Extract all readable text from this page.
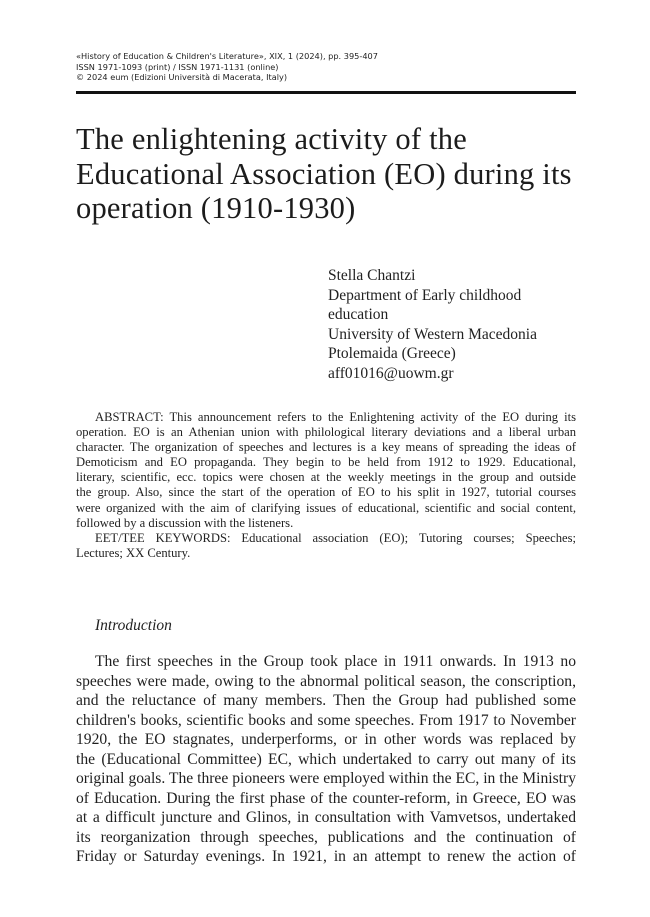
«History of Education & Children's Literature», XIX, 1 (2024), pp. 395-407
ISSN 1971-1093 (print) / ISSN 1971-1131 (online)
© 2024 eum (Edizioni Università di Macerata, Italy)
The enlightening activity of the
Educational Association (EO) during its
operation (1910-1930)
Stella Chantzi
Department of Early childhood
education
University of Western Macedonia
Ptolemaida (Greece)
aff01016@uowm.gr
ABSTRACT: This announcement refers to the Enlightening activity of the EO during its
operation. EO is an Athenian union with philological literary deviations and a liberal urban
character. The organization of speeches and lectures is a key means of spreading the ideas of
Demoticism and EO propaganda. They begin to be held from 1912 to 1929. Educational,
literary, scientific, ecc. topics were chosen at the weekly meetings in the group and outside
the group. Also, since the start of the operation of EO to his split in 1927, tutorial courses
were organized with the aim of clarifying issues of educational, scientific and social content,
followed by a discussion with the listeners.
EET/TEE KEYWORDS: Educational association (EO); Tutoring courses; Speeches;
Lectures; XX Century.
Introduction
The first speeches in the Group took place in 1911 onwards. In 1913 no
speeches were made, owing to the abnormal political season, the conscription,
and the reluctance of many members. Then the Group had published some
children's books, scientific books and some speeches. From 1917 to November
1920, the EO stagnates, underperforms, or in other words was replaced by
the (Educational Committee) EC, which undertaked to carry out many of its
original goals. The three pioneers were employed within the EC, in the Ministry
of Education. During the first phase of the counter-reform, in Greece, EO was
at a difficult juncture and Glinos, in consultation with Vamvetsos, undertaked
its reorganization through speeches, publications and the continuation of
Friday or Saturday evenings. In 1921, in an attempt to renew the action of
